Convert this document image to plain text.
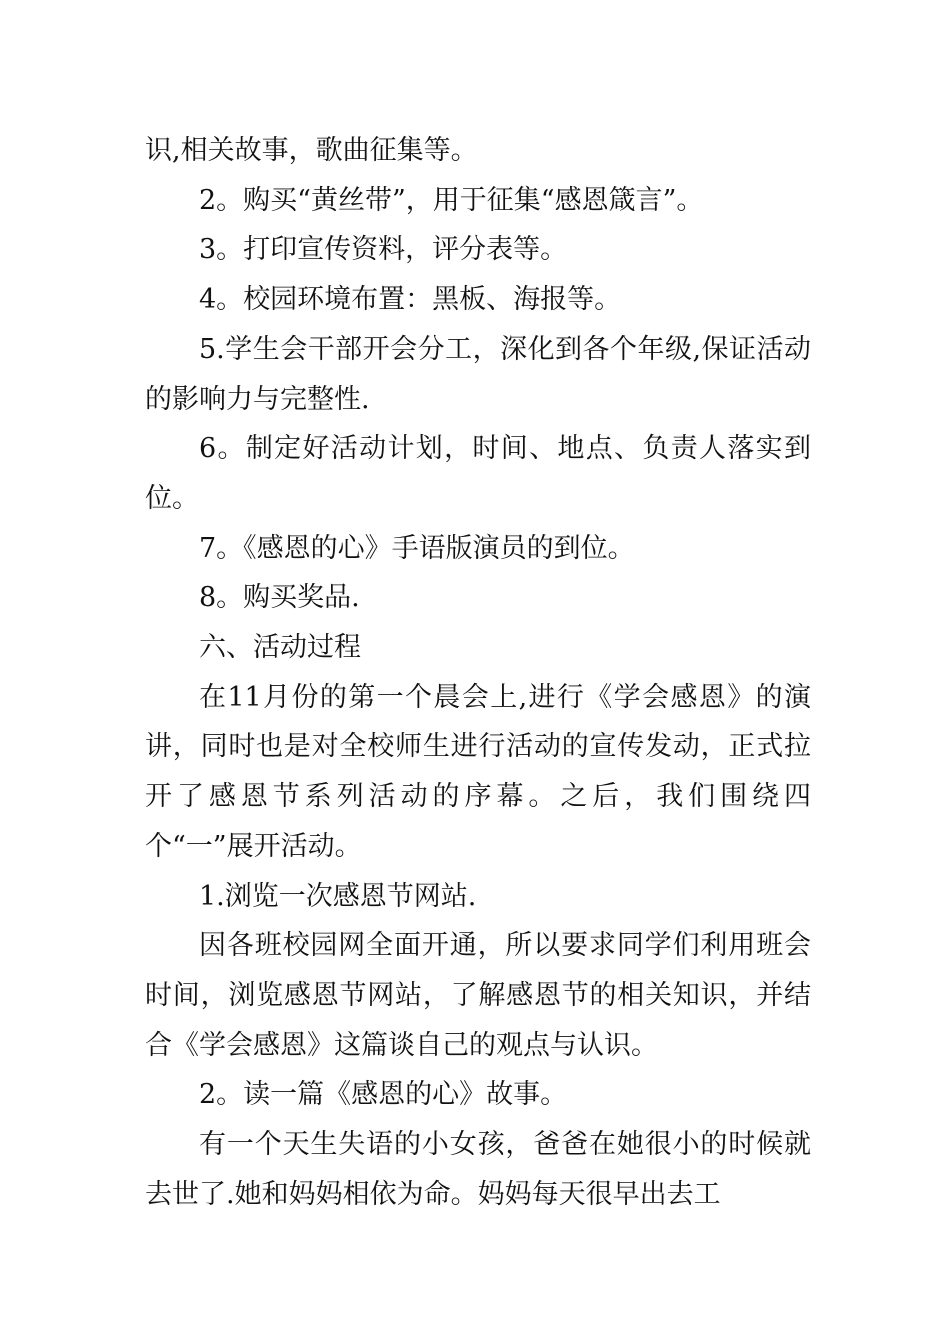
识,相关故事，歌曲征集等。

2。购买“黄丝带”，用于征集“感恩箴言”。

3。打印宣传资料，评分表等。

4。校园环境布置：黑板、海报等。

5.学生会干部开会分工，深化到各个年级,保证活动的影响力与完整性.

6。制定好活动计划，时间、地点、负责人落实到位。

7。《感恩的心》手语版演员的到位。

8。购买奖品.

六、活动过程

在11月份的第一个晨会上,进行《学会感恩》的演讲，同时也是对全校师生进行活动的宣传发动，正式拉开了感恩节系列活动的序幕。之后，我们围绕四个“一”展开活动。

1.浏览一次感恩节网站.

因各班校园网全面开通，所以要求同学们利用班会时间，浏览感恩节网站，了解感恩节的相关知识，并结合《学会感恩》这篇谈自己的观点与认识。

2。读一篇《感恩的心》故事。

有一个天生失语的小女孩，爸爸在她很小的时候就去世了.她和妈妈相依为命。妈妈每天很早出去工
